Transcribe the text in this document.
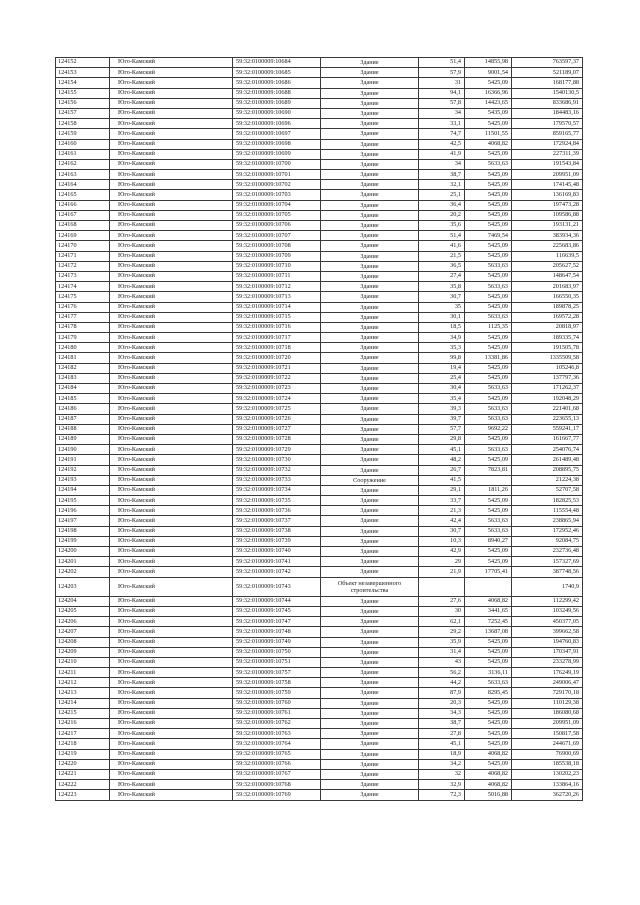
124152	Юго-Камский	59:32:0100009:10684	Здание	51,4	14855,98	763597,37
124153	Юго-Камский	59:32:0100009:10685	Здание	57,9	9001,54	521189,07
124154	Юго-Камский	59:32:0100009:10686	Здание	31	5425,09	168177,88
124155	Юго-Камский	59:32:0100009:10688	Здание	94,1	16366,96	1540130,5
124156	Юго-Камский	59:32:0100009:10689	Здание	57,8	14423,65	833686,91
124157	Юго-Камский	59:32:0100009:10690	Здание	34	5435,09	184483,16
124158	Юго-Камский	59:32:0100009:10696	Здание	33,1	5425,09	179570,57
124159	Юго-Камский	59:32:0100009:10697	Здание	74,7	11501,55	859165,77
124160	Юго-Камский	59:32:0100009:10698	Здание	42,5	4068,82	172924,84
124161	Юго-Камский	59:32:0100009:10699	Здание	41,9	5425,09	227311,39
124162	Юго-Камский	59:32:0100009:10700	Здание	34	5633,63	191543,84
124163	Юго-Камский	59:32:0100009:10701	Здание	38,7	5425,09	209951,09
124164	Юго-Камский	59:32:0100009:10702	Здание	32,1	5425,09	174145,48
124165	Юго-Камский	59:32:0100009:10703	Здание	25,1	5425,09	136169,83
124166	Юго-Камский	59:32:0100009:10704	Здание	36,4	5425,09	197473,28
124167	Юго-Камский	59:32:0100009:10705	Здание	20,2	5425,09	109586,88
124168	Юго-Камский	59:32:0100009:10706	Здание	35,6	5425,09	193131,21
124169	Юго-Камский	59:32:0100009:10707	Здание	51,4	7469,54	383934,36
124170	Юго-Камский	59:32:0100009:10708	Здание	41,6	5425,09	225683,86
124171	Юго-Камский	59:32:0100009:10709	Здание	21,5	5425,09	116639,5
124172	Юго-Камский	59:32:0100009:10710	Здание	36,5	5633,63	205627,52
124173	Юго-Камский	59:32:0100009:10711	Здание	27,4	5425,09	148647,54
124174	Юго-Камский	59:32:0100009:10712	Здание	35,8	5633,63	201683,97
124175	Юго-Камский	59:32:0100009:10713	Здание	30,7	5425,09	166550,35
124176	Юго-Камский	59:32:0100009:10714	Здание	35	5425,09	189878,25
124177	Юго-Камский	59:32:0100009:10715	Здание	30,1	5633,63	169572,28
124178	Юго-Камский	59:32:0100009:10716	Здание	18,5	1125,35	20818,97
124179	Юго-Камский	59:32:0100009:10717	Здание	34,9	5425,09	189335,74
124180	Юго-Камский	59:32:0100009:10718	Здание	35,3	5425,09	191505,78
124181	Юго-Камский	59:32:0100009:10720	Здание	99,8	13381,86	1335509,58
124182	Юго-Камский	59:32:0100009:10721	Здание	19,4	5425,09	105246,8
124183	Юго-Камский	59:32:0100009:10722	Здание	25,4	5425,09	137797,36
124184	Юго-Камский	59:32:0100009:10723	Здание	30,4	5633,63	171262,37
124185	Юго-Камский	59:32:0100009:10724	Здание	35,4	5425,09	192048,29
124186	Юго-Камский	59:32:0100009:10725	Здание	39,3	5633,63	221401,68
124187	Юго-Камский	59:32:0100009:10726	Здание	39,7	5633,63	223655,13
124188	Юго-Камский	59:32:0100009:10727	Здание	57,7	9692,22	559241,17
124189	Юго-Камский	59:32:0100009:10728	Здание	29,8	5425,09	161667,77
124190	Юго-Камский	59:32:0100009:10729	Здание	45,1	5633,63	254076,74
124191	Юго-Камский	59:32:0100009:10730	Здание	48,2	5425,09	261489,48
124192	Юго-Камский	59:32:0100009:10732	Здание	26,7	7823,81	208895,75
124193	Юго-Камский	59:32:0100009:10733	Сооружение	41,5		21224,38
124194	Юго-Камский	59:32:0100009:10734	Здание	29,1	1811,26	52707,58
124195	Юго-Камский	59:32:0100009:10735	Здание	33,7	5425,09	182825,53
124196	Юго-Камский	59:32:0100009:10736	Здание	21,3	5425,09	115554,48
124197	Юго-Камский	59:32:0100009:10737	Здание	42,4	5633,63	238865,94
124198	Юго-Камский	59:32:0100009:10738	Здание	30,7	5633,63	172952,46
124199	Юго-Камский	59:32:0100009:10739	Здание	10,3	8940,27	92084,75
124200	Юго-Камский	59:32:0100009:10740	Здание	42,9	5425,09	232736,48
124201	Юго-Камский	59:32:0100009:10741	Здание	29	5425,09	157327,69
124202	Юго-Камский	59:32:0100009:10742	Здание	21,9	17705,41	387748,56
124203	Юго-Камский	59:32:0100009:10743	Объект незавершенного строительства			1740,9
124204	Юго-Камский	59:32:0100009:10744	Здание	27,6	4068,82	112299,42
124205	Юго-Камский	59:32:0100009:10745	Здание	30	3441,65	103249,56
124206	Юго-Камский	59:32:0100009:10747	Здание	62,1	7252,45	450377,05
124207	Юго-Камский	59:32:0100009:10748	Здание	29,2	13687,08	399662,58
124208	Юго-Камский	59:32:0100009:10749	Здание	35,9	5425,09	194760,83
124209	Юго-Камский	59:32:0100009:10750	Здание	31,4	5425,09	170347,91
124210	Юго-Камский	59:32:0100009:10751	Здание	43	5425,09	233278,99
124211	Юго-Камский	59:32:0100009:10757	Здание	56,2	3136,11	176249,19
124212	Юго-Камский	59:32:0100009:10758	Здание	44,2	5633,63	249006,47
124213	Юго-Камский	59:32:0100009:10759	Здание	87,9	8295,45	729170,18
124214	Юго-Камский	59:32:0100009:10760	Здание	20,3	5425,09	110129,38
124215	Юго-Камский	59:32:0100009:10761	Здание	34,3	5425,09	186080,68
124216	Юго-Камский	59:32:0100009:10762	Здание	38,7	5425,09	209951,09
124217	Юго-Камский	59:32:0100009:10763	Здание	27,8	5425,09	150817,58
124218	Юго-Камский	59:32:0100009:10764	Здание	45,1	5425,09	244671,69
124219	Юго-Камский	59:32:0100009:10765	Здание	18,9	4068,82	76900,69
124220	Юго-Камский	59:32:0100009:10766	Здание	34,2	5425,09	185538,18
124221	Юго-Камский	59:32:0100009:10767	Здание	32	4068,82	130202,23
124222	Юго-Камский	59:32:0100009:10768	Здание	32,9	4068,82	133864,16
124223	Юго-Камский	59:32:0100009:10769	Здание	72,3	5016,88	362720,26
